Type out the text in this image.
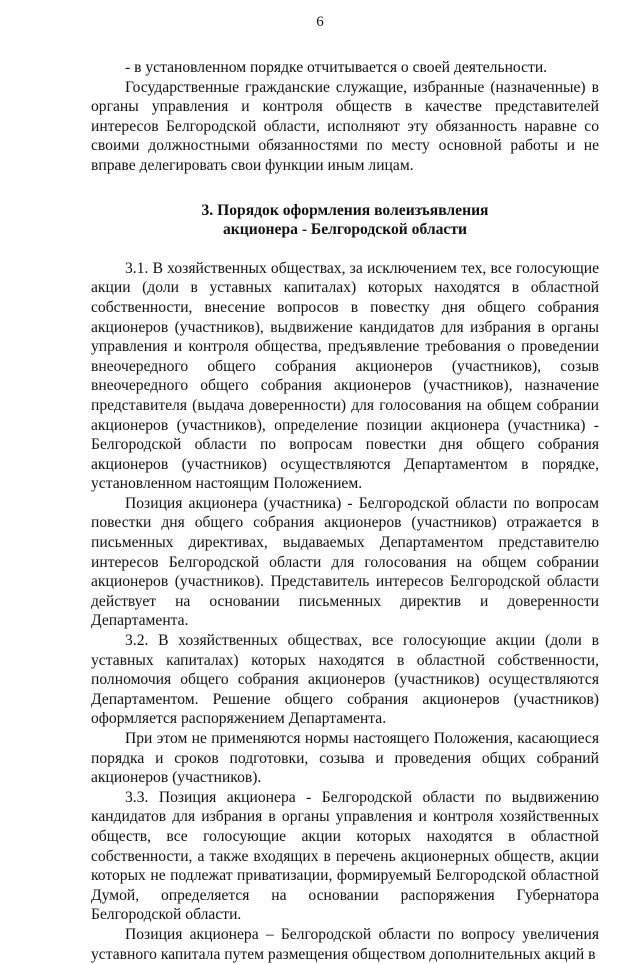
6

- в установленном порядке отчитывается о своей деятельности.

Государственные гражданские служащие, избранные (назначенные) в органы управления и контроля обществ в качестве представителей интересов Белгородской области, исполняют эту обязанность наравне со своими должностными обязанностями по месту основной работы и не вправе делегировать свои функции иным лицам.

3. Порядок оформления волеизъявления
акционера - Белгородской области

3.1. В хозяйственных обществах, за исключением тех, все голосующие акции (доли в уставных капиталах) которых находятся в областной собственности, внесение вопросов в повестку дня общего собрания акционеров (участников), выдвижение кандидатов для избрания в органы управления и контроля общества, предъявление требования о проведении внеочередного общего собрания акционеров (участников), созыв внеочередного общего собрания акционеров (участников), назначение представителя (выдача доверенности) для голосования на общем собрании акционеров (участников), определение позиции акционера (участника) - Белгородской области по вопросам повестки дня общего собрания акционеров (участников) осуществляются Департаментом в порядке, установленном настоящим Положением.

Позиция акционера (участника) - Белгородской области по вопросам повестки дня общего собрания акционеров (участников) отражается в письменных директивах, выдаваемых Департаментом представителю интересов Белгородской области для голосования на общем собрании акционеров (участников). Представитель интересов Белгородской области действует на основании письменных директив и доверенности Департамента.

3.2. В хозяйственных обществах, все голосующие акции (доли в уставных капиталах) которых находятся в областной собственности, полномочия общего собрания акционеров (участников) осуществляются Департаментом. Решение общего собрания акционеров (участников) оформляется распоряжением Департамента.

При этом не применяются нормы настоящего Положения, касающиеся порядка и сроков подготовки, созыва и проведения общих собраний акционеров (участников).

3.3. Позиция акционера - Белгородской области по выдвижению кандидатов для избрания в органы управления и контроля хозяйственных обществ, все голосующие акции которых находятся в областной собственности, а также входящих в перечень акционерных обществ, акции которых не подлежат приватизации, формируемый Белгородской областной Думой, определяется на основании распоряжения Губернатора Белгородской области.

Позиция акционера – Белгородской области по вопросу увеличения уставного капитала путем размещения обществом дополнительных акций в
